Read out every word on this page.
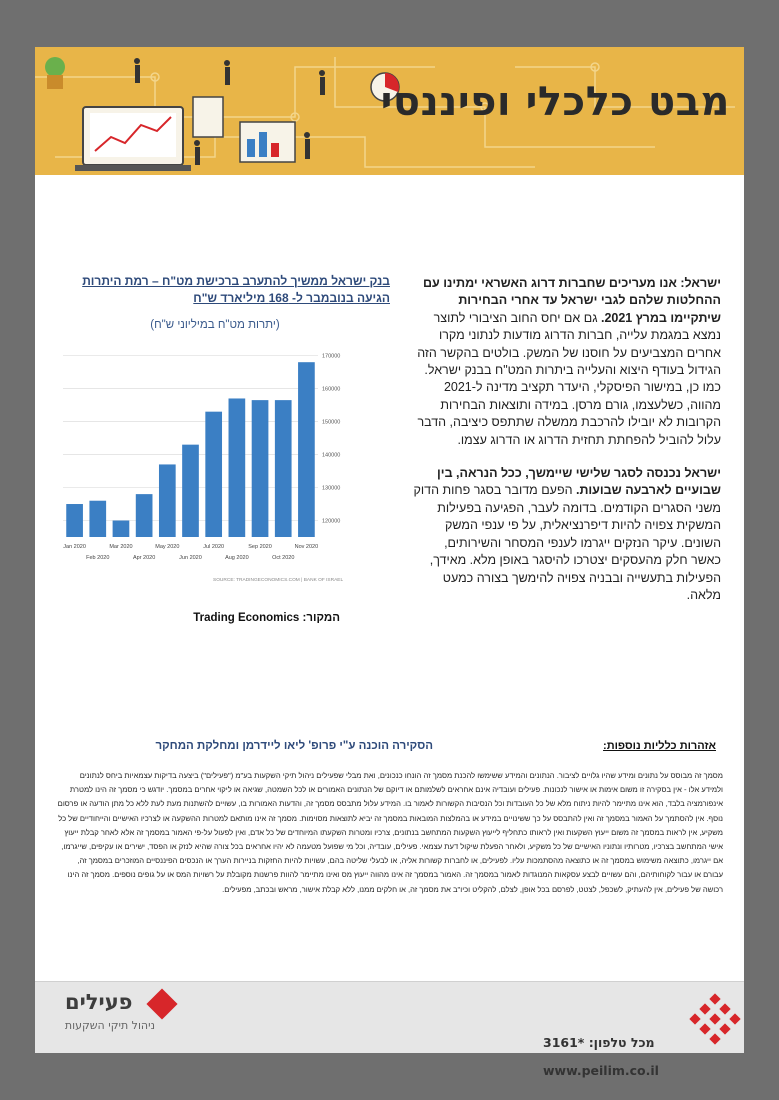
מבט כלכלי ופיננסי

ישראל: אנו מעריכים שחברות דרוג האשראי ימתינו עם ההחלטות שלהם לגבי ישראל עד אחרי הבחירות שיתקיימו במרץ 2021. גם אם יחס החוב הציבורי לתוצר נמצא במגמת עלייה, חברות הדרוג מודעות לנתוני מקרו אחרים המצביעים על חוסנו של המשק. בולטים בהקשר הזה הגידול בעודף היצוא והעלייה ביתרות המט"ח בבנק ישראל. כמו כן, במישור הפיסקלי, היעדר תקציב מדינה ל-2021 מהווה, כשלעצמו, גורם מרסן. במידה ותוצאות הבחירות הקרובות לא יובילו להרכבת ממשלה שתתפס כיציבה, הדבר עלול להוביל להפחתת תחזית הדרוג או הדרוג עצמו.

ישראל נכנסה לסגר שלישי שיימשך, ככל הנראה, בין שבועיים לארבעה שבועות. הפעם מדובר בסגר פחות הדוק משני הסגרים הקודמים. בדומה לעבר, הפגיעה בפעילות המשקית צפויה להיות דיפרנציאלית, על פי ענפי המשק השונים. עיקר הנזקים ייגרמו לענפי המסחר והשירותים, כאשר חלק מהעסקים יצטרכו להיסגר באופן מלא. מאידך, הפעילות בתעשייה ובבניה צפויה להימשך בצורה כמעט מלאה.

בנק ישראל ממשיך להתערב ברכישת מט"ח – רמת היתרות הגיעה בנובמבר ל- 168 מיליארד ש"ח
(יתרות מט"ח במיליוני ש"ח)
120000
130000
140000
150000
160000
170000
Jan 2020
Feb 2020
Mar 2020
Apr 2020
May 2020
Jun 2020
Jul 2020
Aug 2020
Sep 2020
Oct 2020
Nov 2020
SOURCE: TRADINGECONOMICS.COM | BANK OF ISRAEL
המקור: Trading Economics
אזהרות כלליות נוספות:
הסקירה הוכנה ע"י פרופ' ליאו ליידרמן ומחלקת המחקר
מסמך זה מבוסס על נתונים ומידע שהיו גלויים לציבור. הנתונים והמידע ששימשו להכנת מסמך זה הונחו כנכונים, ואת מבלי שפעילים ניהול תיקי השקעות בע"מ ("פעילים") ביצעה בדיקות עצמאיות ביחס לנתונים ולמידע אלו - אין בסקירה זו משום אימות או אישור לנכונות. פעילים ועובדיה אינם אחראים לשלמותם או דיוקם של הנתונים האמורים או לכל השמטה, שגיאה או ליקוי אחרים במסמך. יודגש כי מסמך זה הינו למטרת אינפורמציה בלבד, הוא אינו מתיימר להיות ניתוח מלא של כל העובדות וכל הנסיבות הקשורות לאמור בו. המידע עלול מתבסס מסמך זה, והדעות האמורות בו, עשויים להשתנות מעת לעת ללא כל מתן הודעה או פרסום נוסף. אין להסתמך על האמור במסמך זה ואין להתבסס על כך ששינויים במידע או בהמלצות המובאות במסמך זה יביא לתוצאות מסוימות. מסמך זה אינו מותאם למטרות ההשקעה או לצרכיו האישיים והייחודיים של כל משקיע, אין לראות במסמך זה משום ייעוץ השקעות ואין לראותו כתחליף לייעוץ השקעות המתחשב בנתונים, צרכיו ומטרות השקעתו המיוחדים של כל אדם, ואין לפעול על-פי האמור במסמך זה אלא לאחר קבלת ייעוץ אישי המתחשב בצרכיו, מטרותיו ונתוניו האישיים של כל משקיע, ולאחר הפעלת שיקול דעת עצמאי. פעילים, עובדיה, וכל מי שפועל מטעמה לא יהיו אחראים בכל צורה שהיא לנזק או הפסד, ישירים או עקיפים, שייגרמו, אם ייגרמו, כתוצאה משימוש במסמך זה או כתוצאה מהסתמכות עליו. לפעילים, או לחברות קשורות אליה, או לבעלי שליטה בהם, עשויות להיות החזקות בניירות הערך או הנכסים הפיננסיים המוזכרים במסמך זה, עבורם או עבור לקוחותיהם, והם עשויים לבצע עסקאות המנוגדות לאמור במסמך זה. האמור במסמך זה אינו מהווה ייעוץ מס ואינו מתיימר להוות פרשנות מקובלת על רשויות המס או על גופים נוספים. מסמך זה הינו רכושה של פעילים, אין להעתיק, לשכפל, לצטט, לפרסם בכל אופן, לצלם, להקליט וכיו"ב את מסמך זה, או חלקים ממנו, ללא קבלת אישור, מראש ובכתב, מפעילים.
פעילים
ניהול תיקי השקעות
מכל טלפון: 3161*
www.peilim.co.il
